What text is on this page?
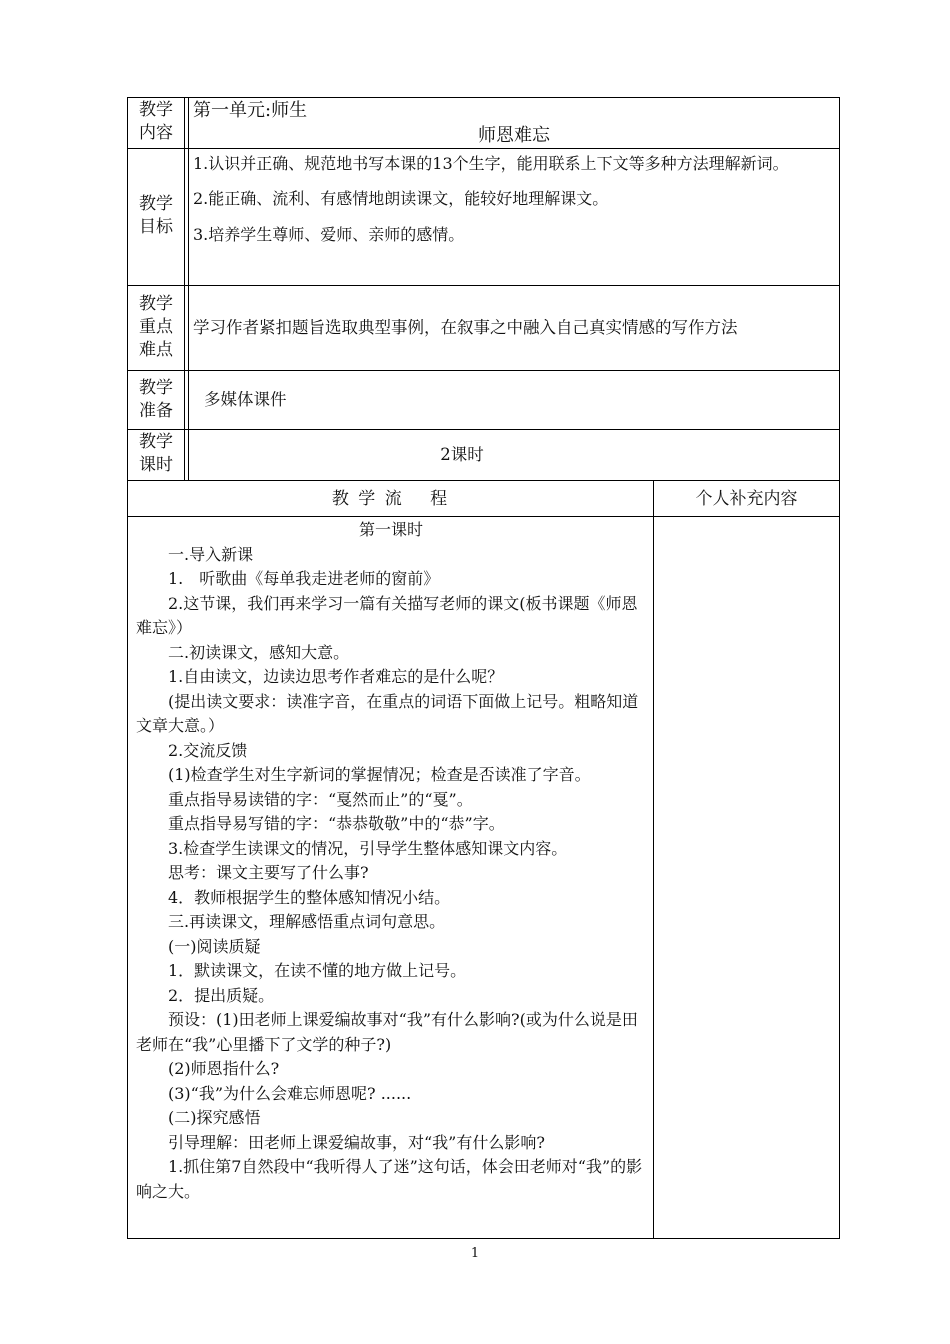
教学
内容
第一单元:师生
师恩难忘
教学
目标

1.认识并正确、规范地书写本课的13个生字，能用联系上下文等多种方法理解新词。

2.能正确、流利、有感情地朗读课文，能较好地理解课文。

3.培养学生尊师、爱师、亲师的感情。

教学
重点
难点
学习作者紧扣题旨选取典型事例，在叙事之中融入自己真实情感的写作方法
教学
准备
多媒体课件
教学
课时
2课时
教 学 流　 程	个人补充内容

第一课时

一.导入新课

1.　听歌曲《每单我走进老师的窗前》

2.这节课，我们再来学习一篇有关描写老师的课文(板书课题《师恩难忘》）

二.初读课文，感知大意。

1.自由读文，边读边思考作者难忘的是什么呢？

(提出读文要求：读准字音，在重点的词语下面做上记号。粗略知道文章大意。）

2.交流反馈

(1)检查学生对生字新词的掌握情况；检查是否读准了字音。

重点指导易读错的字：“戛然而止”的“戛”。

重点指导易写错的字：“恭恭敬敬”中的“恭”字。

3.检查学生读课文的情况，引导学生整体感知课文内容。

思考：课文主要写了什么事?

4．教师根据学生的整体感知情况小结。

三.再读课文，理解感悟重点词句意思。

(一)阅读质疑

1．默读课文，在读不懂的地方做上记号。

2．提出质疑。

预设：(1)田老师上课爱编故事对“我”有什么影响?(或为什么说是田老师在“我”心里播下了文学的种子?)

(2)师恩指什么?

(3)“我”为什么会难忘师恩呢? ......

(二)探究感悟

引导理解：田老师上课爱编故事，对“我”有什么影响?

1.抓住第7自然段中“我听得人了迷”这句话，体会田老师对“我”的影响之大。

1
